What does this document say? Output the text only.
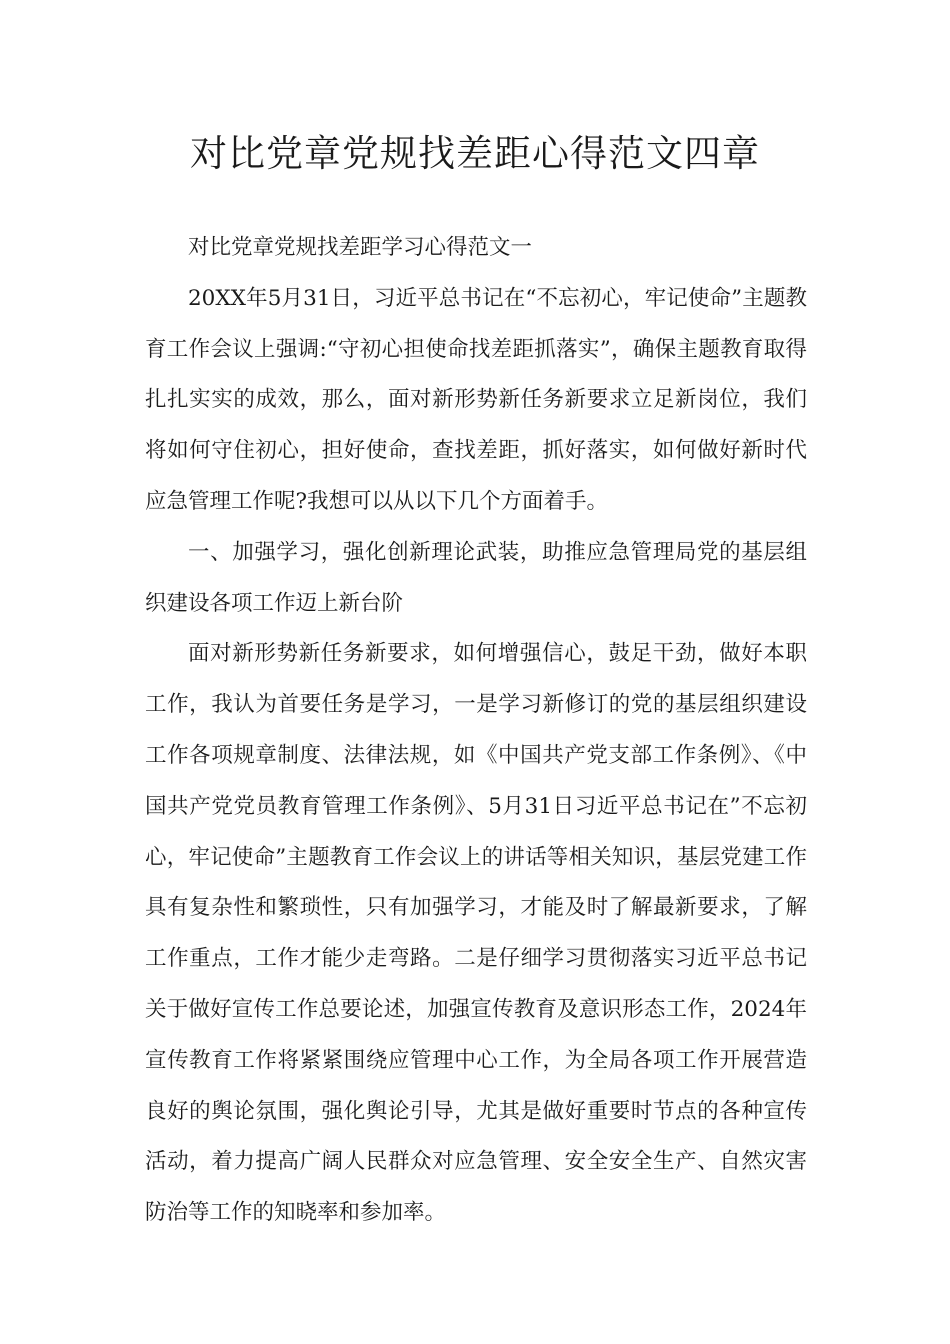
对比党章党规找差距心得范文四章

对比党章党规找差距学习心得范文一

20XX年5月31日，习近平总书记在“不忘初心，牢记使命”主题教育工作会议上强调:“守初心担使命找差距抓落实”，确保主题教育取得扎扎实实的成效，那么，面对新形势新任务新要求立足新岗位，我们将如何守住初心，担好使命，查找差距，抓好落实，如何做好新时代应急管理工作呢?我想可以从以下几个方面着手。

一、加强学习，强化创新理论武装，助推应急管理局党的基层组织建设各项工作迈上新台阶

面对新形势新任务新要求，如何增强信心，鼓足干劲，做好本职工作，我认为首要任务是学习，一是学习新修订的党的基层组织建设工作各项规章制度、法律法规，如《中国共产党支部工作条例》、《中国共产党党员教育管理工作条例》、5月31日习近平总书记在”不忘初心，牢记使命”主题教育工作会议上的讲话等相关知识，基层党建工作具有复杂性和繁琐性，只有加强学习，才能及时了解最新要求，了解工作重点，工作才能少走弯路。二是仔细学习贯彻落实习近平总书记关于做好宣传工作总要论述，加强宣传教育及意识形态工作，2024年宣传教育工作将紧紧围绕应管理中心工作，为全局各项工作开展营造良好的舆论氛围，强化舆论引导，尤其是做好重要时节点的各种宣传活动，着力提高广阔人民群众对应急管理、安全安全生产、自然灾害防治等工作的知晓率和参加率。
